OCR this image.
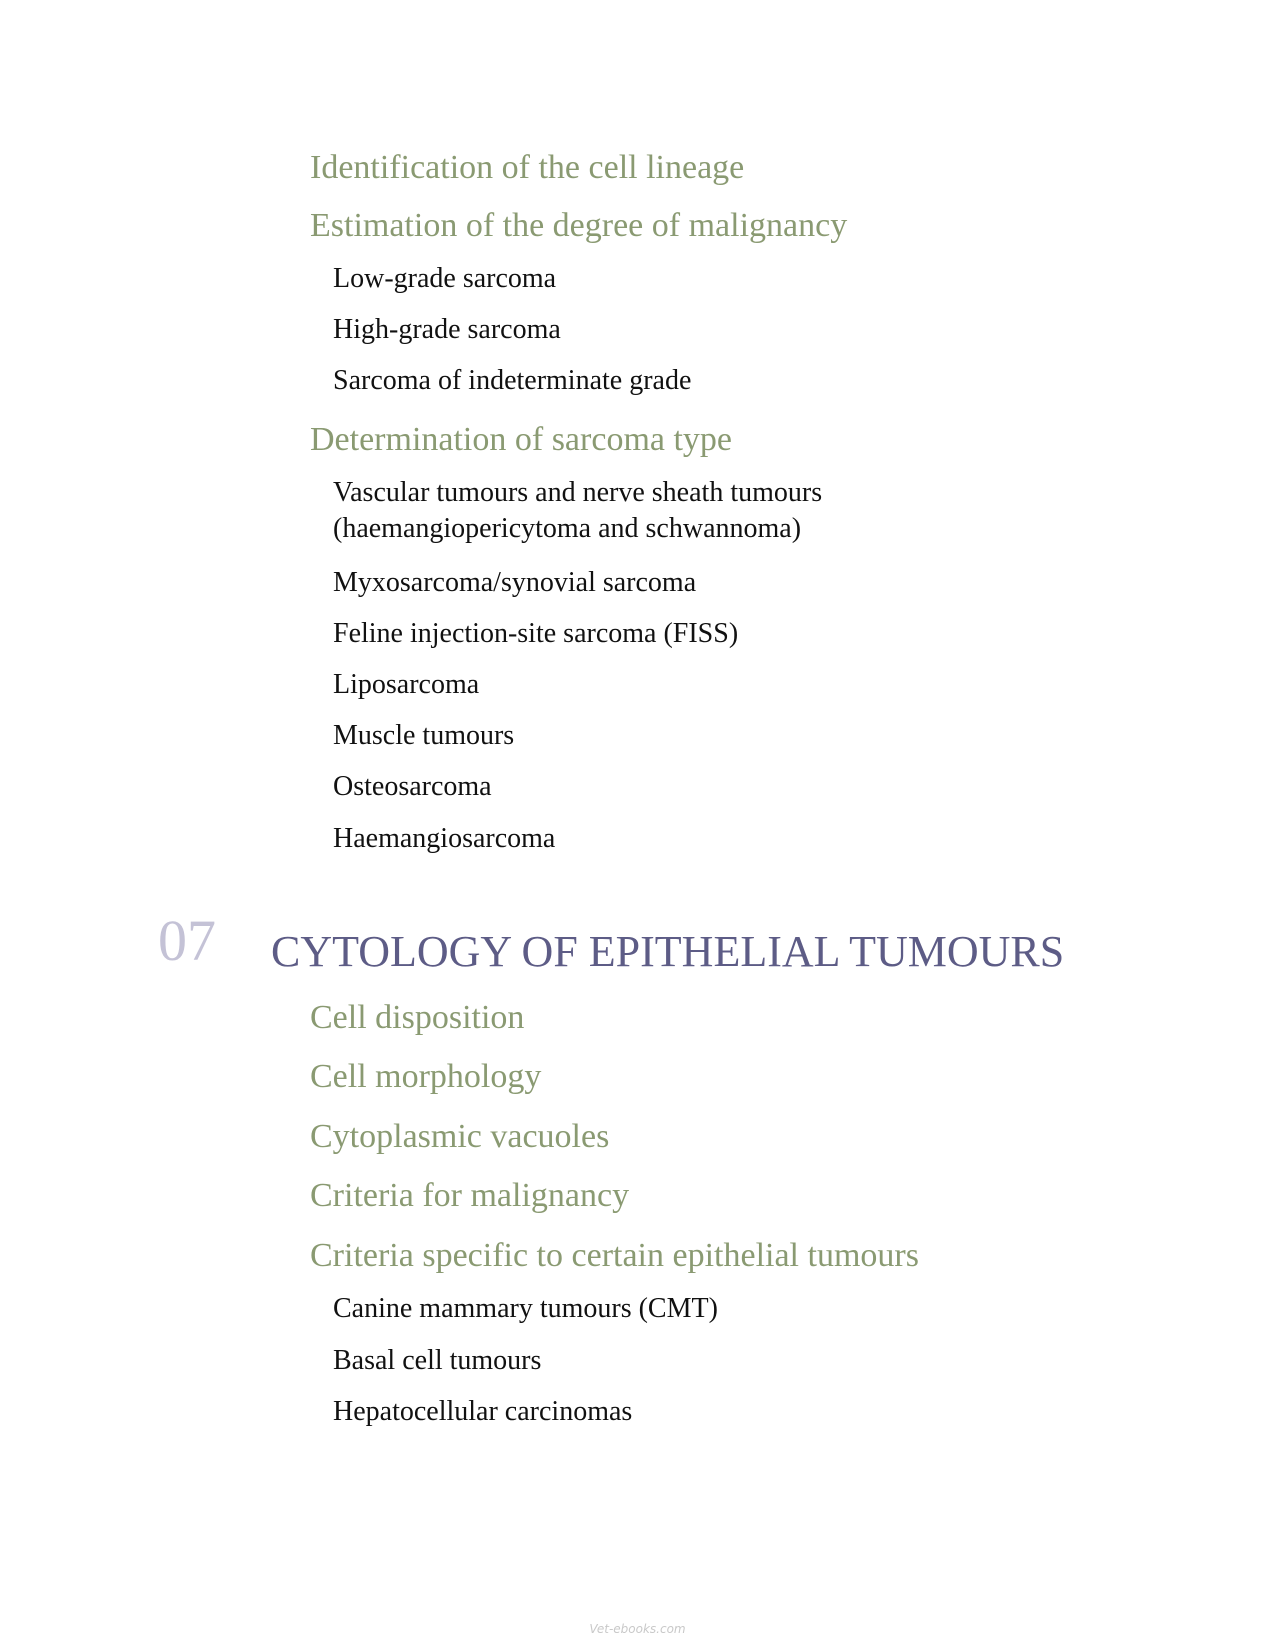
Identification of the cell lineage
Estimation of the degree of malignancy
Low-grade sarcoma
High-grade sarcoma
Sarcoma of indeterminate grade
Determination of sarcoma type
Vascular tumours and nerve sheath tumours (haemangiopericytoma and schwannoma)
Myxosarcoma/synovial sarcoma
Feline injection-site sarcoma (FISS)
Liposarcoma
Muscle tumours
Osteosarcoma
Haemangiosarcoma
07 CYTOLOGY OF EPITHELIAL TUMOURS
Cell disposition
Cell morphology
Cytoplasmic vacuoles
Criteria for malignancy
Criteria specific to certain epithelial tumours
Canine mammary tumours (CMT)
Basal cell tumours
Hepatocellular carcinomas
Vet-ebooks.com
